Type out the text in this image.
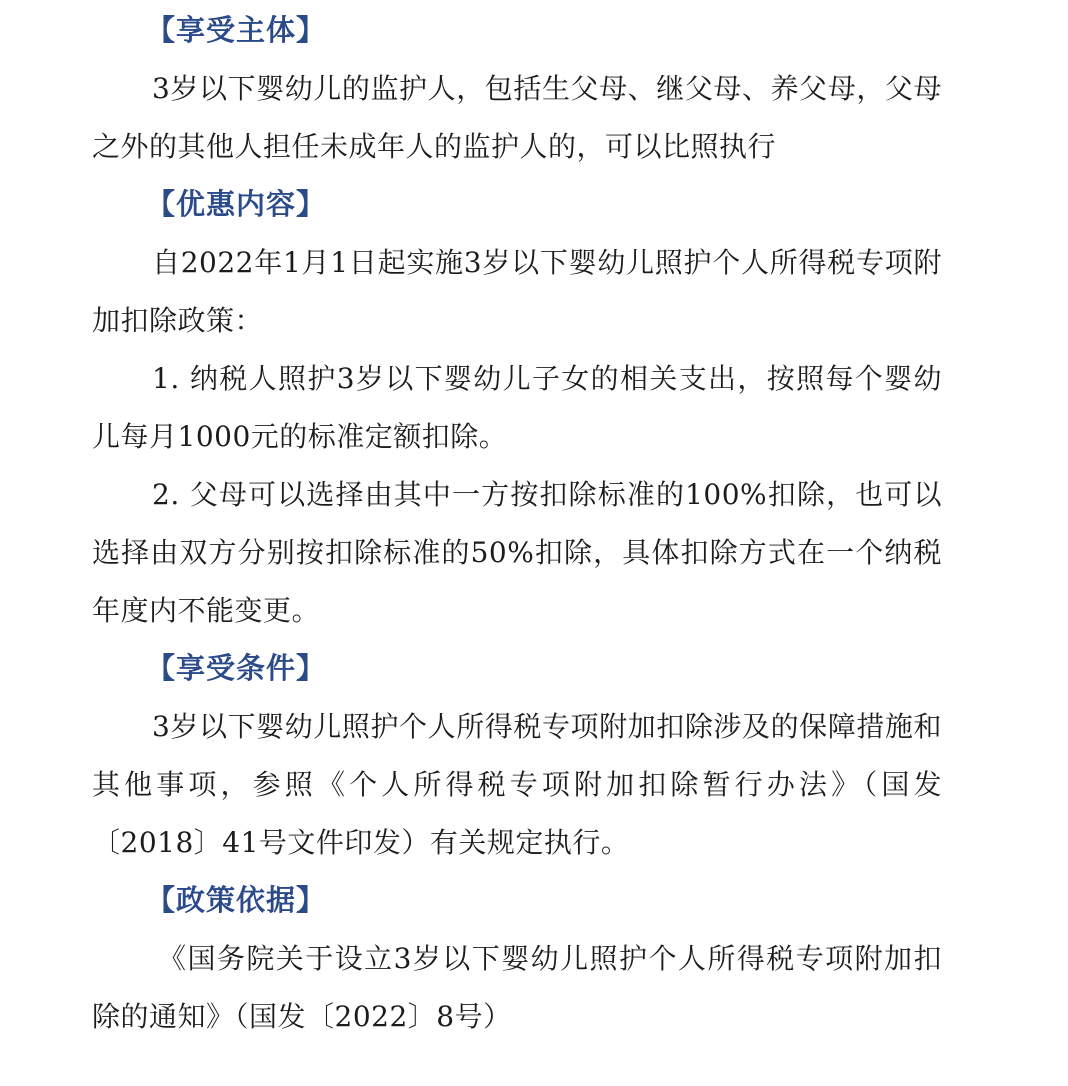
【享受主体】

3岁以下婴幼儿的监护人，包括生父母、继父母、养父母，父母之外的其他人担任未成年人的监护人的，可以比照执行

【优惠内容】

自2022年1月1日起实施3岁以下婴幼儿照护个人所得税专项附加扣除政策：

1. 纳税人照护3岁以下婴幼儿子女的相关支出，按照每个婴幼儿每月1000元的标准定额扣除。

2. 父母可以选择由其中一方按扣除标准的100%扣除，也可以选择由双方分别按扣除标准的50%扣除，具体扣除方式在一个纳税年度内不能变更。

【享受条件】

3岁以下婴幼儿照护个人所得税专项附加扣除涉及的保障措施和其他事项，参照《个人所得税专项附加扣除暂行办法》（国发〔2018〕41号文件印发）有关规定执行。

【政策依据】

《国务院关于设立3岁以下婴幼儿照护个人所得税专项附加扣除的通知》（国发〔2022〕8号）
